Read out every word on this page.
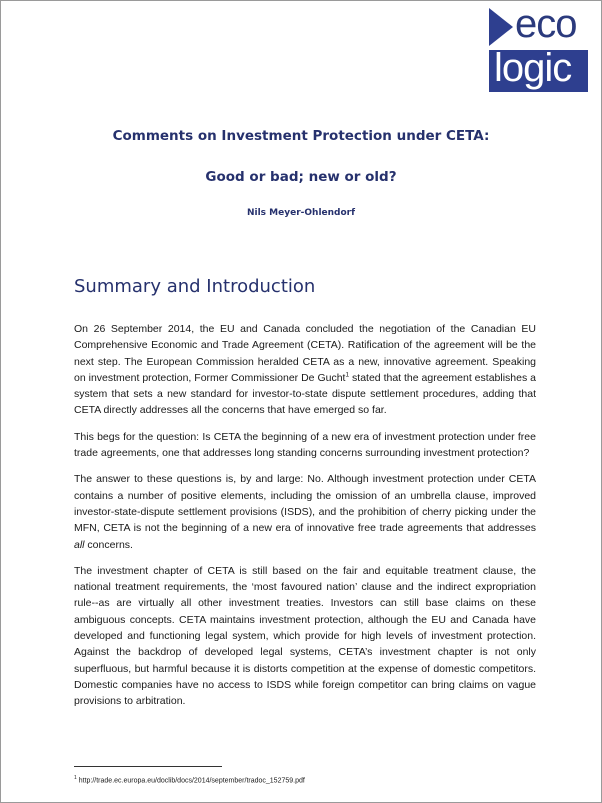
eco
logic
Comments on Investment Protection under CETA:
Good or bad; new or old?
Nils Meyer-Ohlendorf
Summary and Introduction

On 26 September 2014, the EU and Canada concluded the negotiation of the Canadian EU Comprehensive Economic and Trade Agreement (CETA). Ratification of the agreement will be the next step. The European Commission heralded CETA as a new, innovative agreement. Speaking on investment protection, Former Commissioner De Gucht$^1$ stated that the agreement establishes a system that sets a new standard for investor-to-state dispute settlement procedures, adding that CETA directly addresses all the concerns that have emerged so far.

This begs for the question: Is CETA the beginning of a new era of investment protection under free trade agreements, one that addresses long standing concerns surrounding investment protection?

The answer to these questions is, by and large: No. Although investment protection under CETA contains a number of positive elements, including the omission of an umbrella clause, improved investor-state-dispute settlement provisions (ISDS), and the prohibition of cherry picking under the MFN, CETA is not the beginning of a new era of innovative free trade agreements that addresses all concerns.

The investment chapter of CETA is still based on the fair and equitable treatment clause, the national treatment requirements, the ‘most favoured nation’ clause and the indirect expropriation rule--as are virtually all other investment treaties. Investors can still base claims on these ambiguous concepts. CETA maintains investment protection, although the EU and Canada have developed and functioning legal system, which provide for high levels of investment protection. Against the backdrop of developed legal systems, CETA’s investment chapter is not only superfluous, but harmful because it is distorts competition at the expense of domestic competitors. Domestic companies have no access to ISDS while foreign competitor can bring claims on vague provisions to arbitration.

$^1$ http://trade.ec.europa.eu/doclib/docs/2014/september/tradoc_152759.pdf
